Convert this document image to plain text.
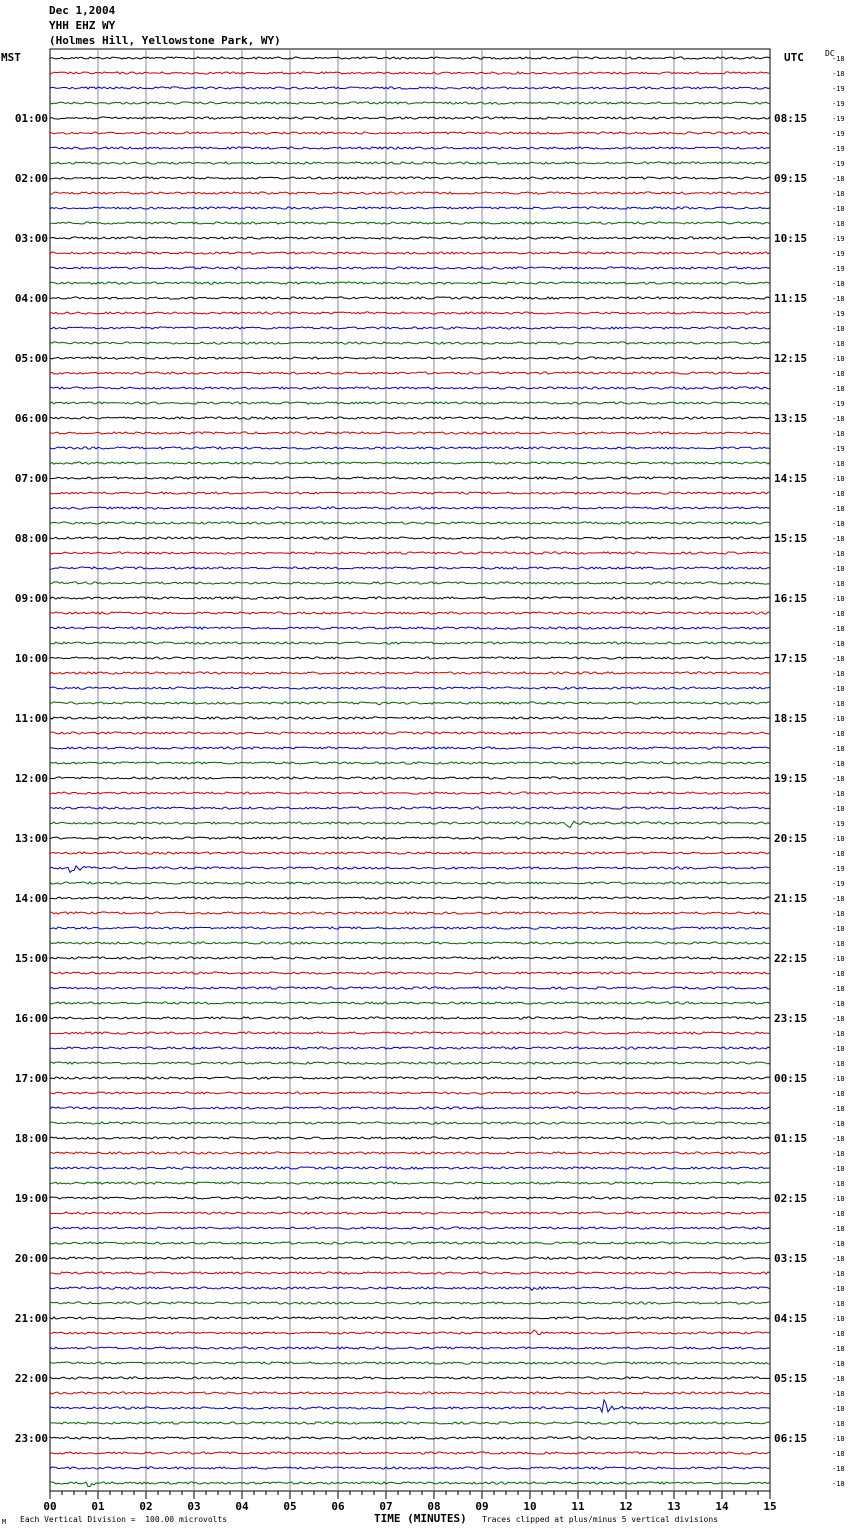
Dec 1,2004
YHH EHZ WY
(Holmes Hill, Yellowstone Park, WY)
MST	UTC	DC
01:00
02:00
03:00
04:00
05:00
06:00
07:00
08:00
09:00
10:00
11:00
12:00
13:00
14:00
15:00
16:00
17:00
18:00
19:00
20:00
21:00
22:00
23:00
08:15
09:15
10:15
11:15
12:15
13:15
14:15
15:15
16:15
17:15
18:15
19:15
20:15
21:15
22:15
23:15
00:15
01:15
02:15
03:15
04:15
05:15
06:15
-18
-18
-19
-19
-19
-19
-19
-19
-18
-18
-18
-18
-19
-19
-19
-18
-18
-19
-18
-18
-18
-18
-18
-19
-18
-18
-19
-18
-18
-18
-18
-18
-18
-18
-18
-18
-18
-18
-18
-18
-18
-18
-18
-18
-18
-18
-18
-18
-18
-18
-18
-19
-18
-18
-19
-19
-18
-18
-18
-18
-18
-18
-18
-18
-18
-18
-18
-18
-18
-18
-18
-18
-18
-18
-18
-18
-18
-18
-18
-18
-18
-18
-18
-18
-18
-18
-18
-18
-18
-18
-18
-18
-18
-18
-18
-18
00	01	02	03	04	05	06	07	08	09	10	11	12	13	14	15
M Each Vertical Division =  100.00 microvolts	TIME (MINUTES) Traces clipped at plus/minus 5 vertical divisions
